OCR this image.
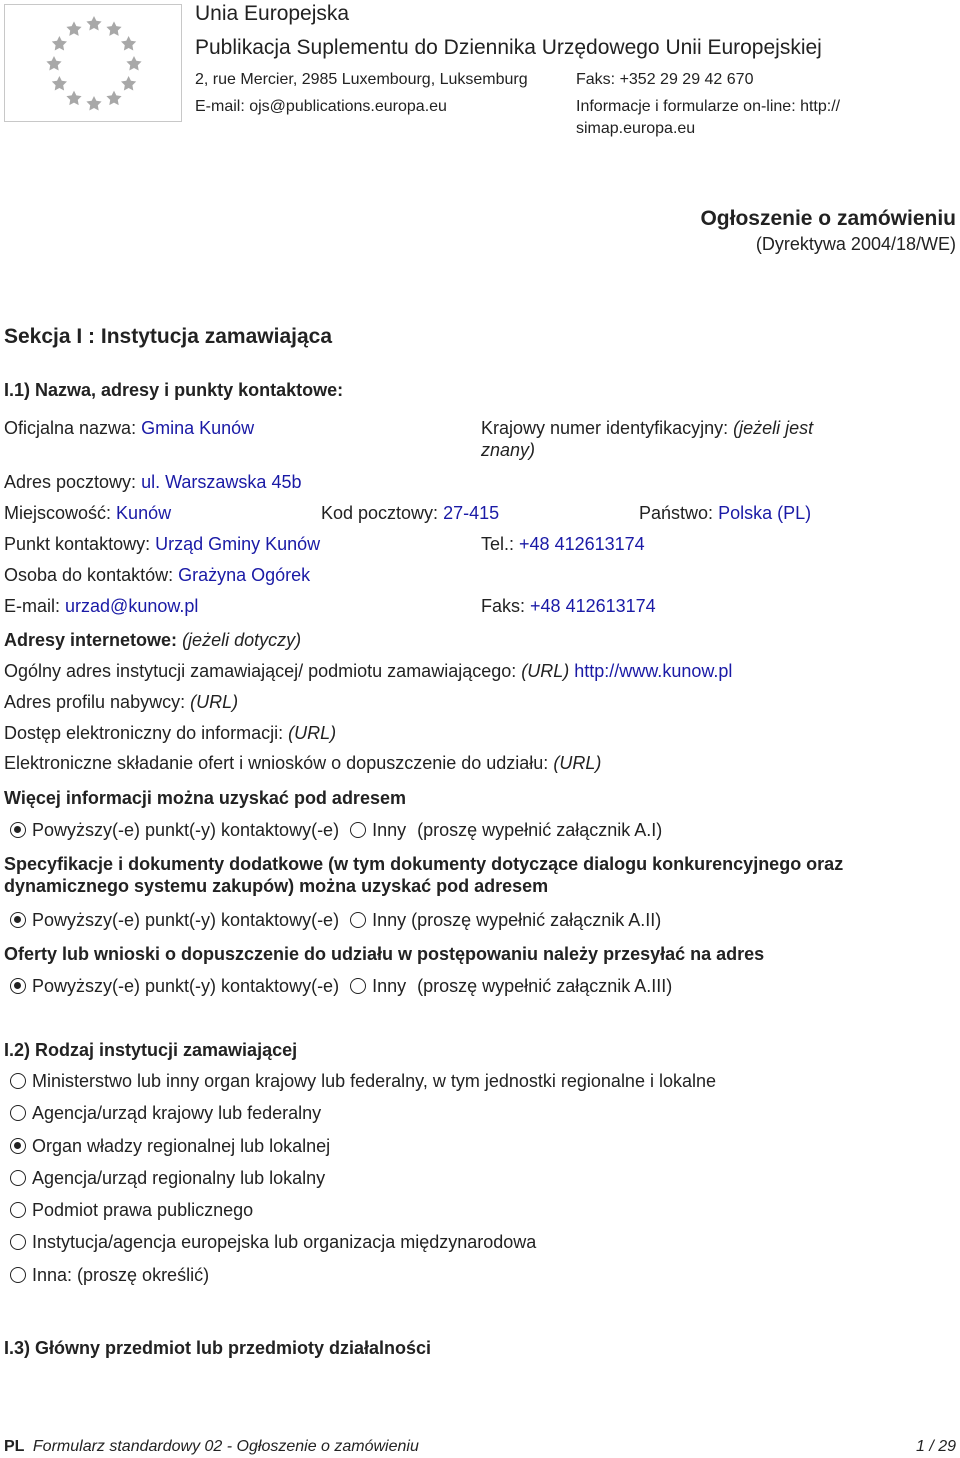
Unia Europejska
Publikacja Suplementu do Dziennika Urzędowego Unii Europejskiej
2, rue Mercier, 2985 Luxembourg, Luksemburg	Faks: +352 29 29 42 670
E-mail: ojs@publications.europa.eu	Informacje i formularze on-line: http://
simap.europa.eu
Ogłoszenie o zamówieniu
(Dyrektywa 2004/18/WE)
Sekcja I : Instytucja zamawiająca
I.1) Nazwa, adresy i punkty kontaktowe:
Oficjalna nazwa: Gmina Kunów	Krajowy numer identyfikacyjny: (jeżeli jest
znany)
Adres pocztowy: ul. Warszawska 45b
Miejscowość: Kunów	Kod pocztowy: 27-415	Państwo: Polska (PL)
Punkt kontaktowy: Urząd Gminy Kunów	Tel.: +48 412613174
Osoba do kontaktów: Grażyna Ogórek
E-mail: urzad@kunow.pl	Faks: +48 412613174
Adresy internetowe: (jeżeli dotyczy)
Ogólny adres instytucji zamawiającej/ podmiotu zamawiającego: (URL) http://www.kunow.pl
Adres profilu nabywcy: (URL)
Dostęp elektroniczny do informacji: (URL)
Elektroniczne składanie ofert i wniosków o dopuszczenie do udziału: (URL)
Więcej informacji można uzyskać pod adresem
Powyższy(-e) punkt(-y) kontaktowy(-e) Inny (proszę wypełnić załącznik A.I)
Specyfikacje i dokumenty dodatkowe (w tym dokumenty dotyczące dialogu konkurencyjnego oraz
dynamicznego systemu zakupów) można uzyskać pod adresem
Powyższy(-e) punkt(-y) kontaktowy(-e) Inny (proszę wypełnić załącznik A.II)
Oferty lub wnioski o dopuszczenie do udziału w postępowaniu należy przesyłać na adres
Powyższy(-e) punkt(-y) kontaktowy(-e) Inny (proszę wypełnić załącznik A.III)
I.2) Rodzaj instytucji zamawiającej
Ministerstwo lub inny organ krajowy lub federalny, w tym jednostki regionalne i lokalne
Agencja/urząd krajowy lub federalny
Organ władzy regionalnej lub lokalnej
Agencja/urząd regionalny lub lokalny
Podmiot prawa publicznego
Instytucja/agencja europejska lub organizacja międzynarodowa
Inna: (proszę określić)
I.3) Główny przedmiot lub przedmioty działalności
PL Formularz standardowy 02 - Ogłoszenie o zamówieniu	1 / 29
